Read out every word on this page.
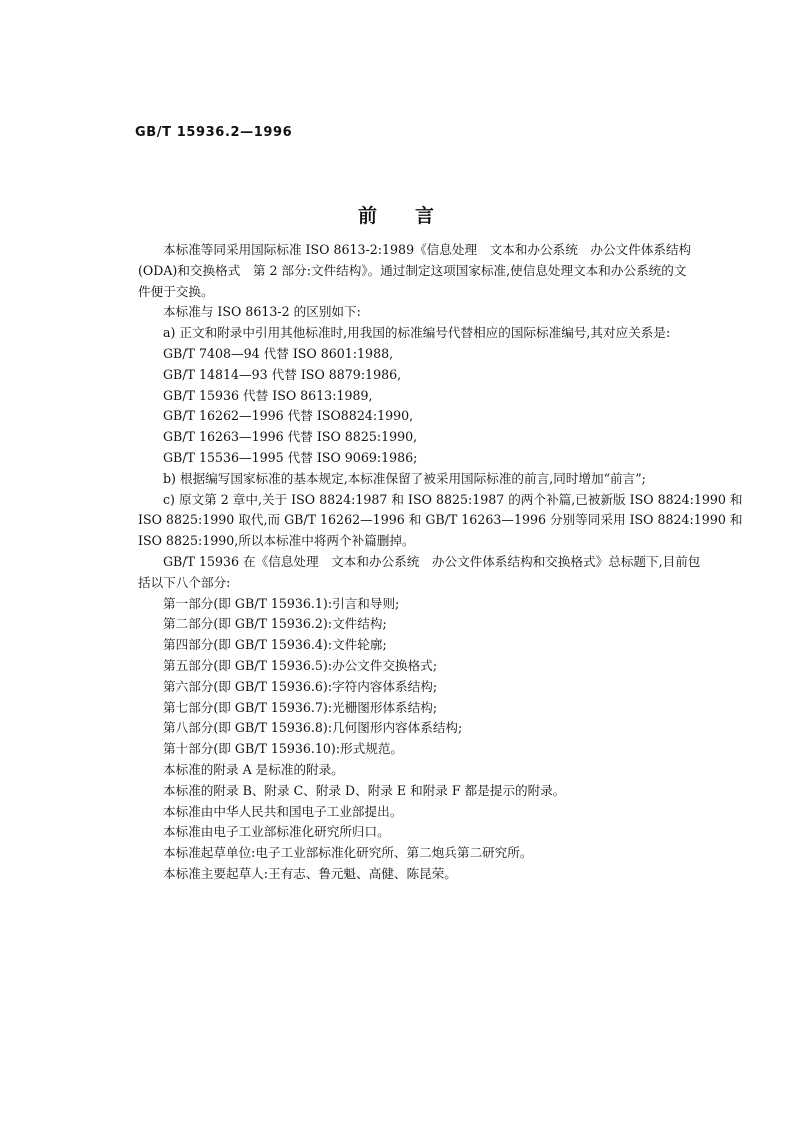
GB/T 15936.2—1996
前 言
本标准等同采用国际标准 ISO 8613-2:1989《信息处理　文本和办公系统　办公文件体系结构
(ODA)和交换格式　第 2 部分:文件结构》。通过制定这项国家标准,使信息处理文本和办公系统的文
件便于交换。
本标准与 ISO 8613-2 的区别如下:
a) 正文和附录中引用其他标准时,用我国的标准编号代替相应的国际标准编号,其对应关系是:
GB/T 7408—94 代替 ISO 8601:1988,
GB/T 14814—93 代替 ISO 8879:1986,
GB/T 15936 代替 ISO 8613:1989,
GB/T 16262—1996 代替 ISO8824:1990,
GB/T 16263—1996 代替 ISO 8825:1990,
GB/T 15536—1995 代替 ISO 9069:1986;
b) 根据编写国家标准的基本规定,本标准保留了被采用国际标准的前言,同时增加“前言”;
c) 原文第 2 章中,关于 ISO 8824:1987 和 ISO 8825:1987 的两个补篇,已被新版 ISO 8824:1990 和
ISO 8825:1990 取代,而 GB/T 16262—1996 和 GB/T 16263—1996 分别等同采用 ISO 8824:1990 和
ISO 8825:1990,所以本标准中将两个补篇删掉。
GB/T 15936 在《信息处理　文本和办公系统　办公文件体系结构和交换格式》总标题下,目前包
括以下八个部分:
第一部分(即 GB/T 15936.1):引言和导则;
第二部分(即 GB/T 15936.2):文件结构;
第四部分(即 GB/T 15936.4):文件轮廓;
第五部分(即 GB/T 15936.5):办公文件交换格式;
第六部分(即 GB/T 15936.6):字符内容体系结构;
第七部分(即 GB/T 15936.7):光栅图形体系结构;
第八部分(即 GB/T 15936.8):几何图形内容体系结构;
第十部分(即 GB/T 15936.10):形式规范。
本标准的附录 A 是标准的附录。
本标准的附录 B、附录 C、附录 D、附录 E 和附录 F 都是提示的附录。
本标准由中华人民共和国电子工业部提出。
本标准由电子工业部标准化研究所归口。
本标准起草单位:电子工业部标准化研究所、第二炮兵第二研究所。
本标准主要起草人:王有志、鲁元魁、高健、陈昆荣。
